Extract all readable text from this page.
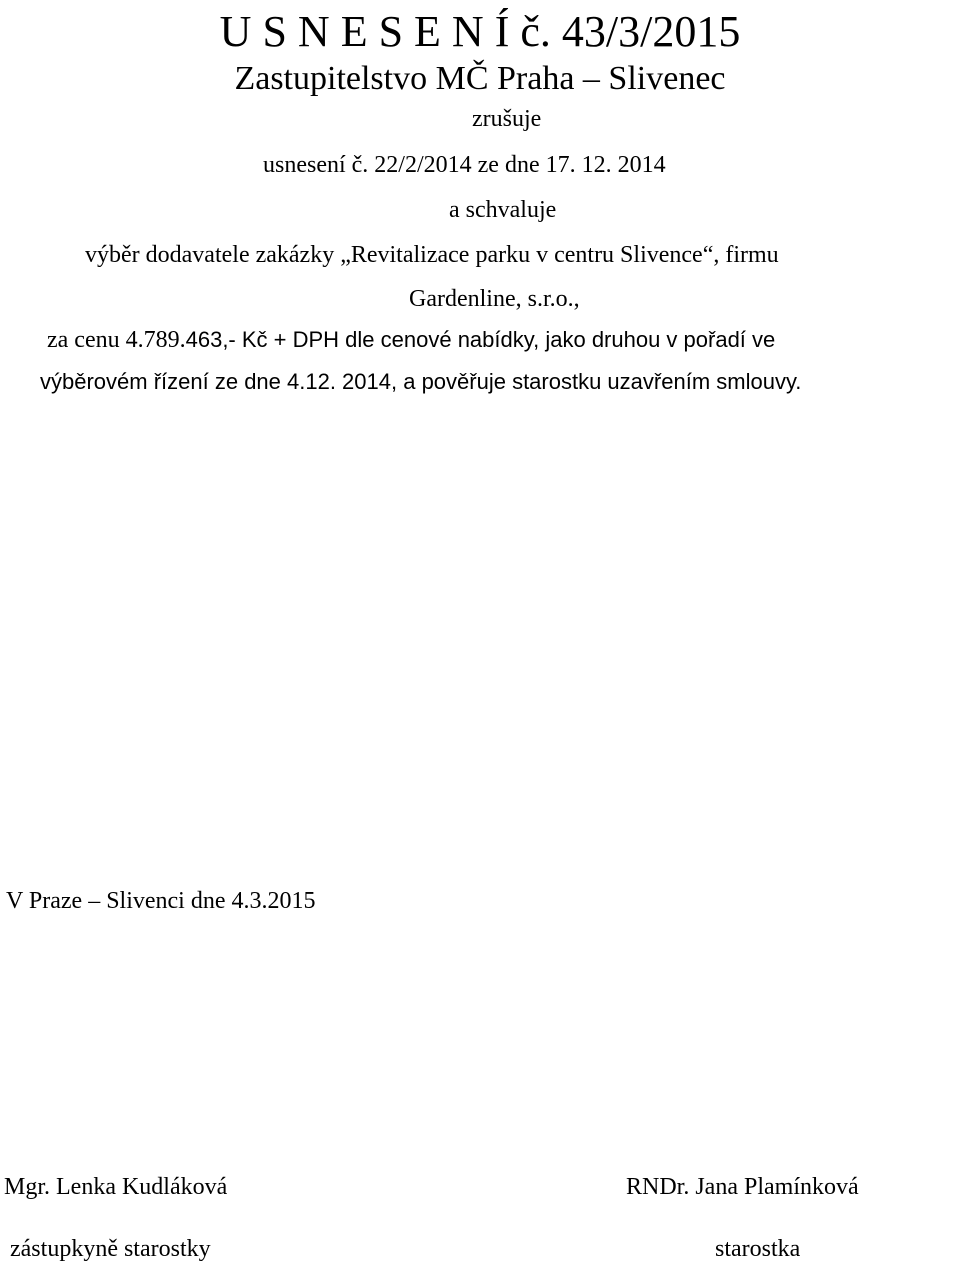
U S N E S E N Í č. 43/3/2015
Zastupitelstvo MČ Praha – Slivenec
zrušuje
usnesení č. 22/2/2014 ze dne 17. 12. 2014
a schvaluje
výběr dodavatele zakázky „Revitalizace parku v centru Slivence“, firmu
Gardenline, s.r.o.,
za cenu 4.789.463,- Kč + DPH dle cenové nabídky, jako druhou v pořadí ve
výběrovém řízení ze dne 4.12. 2014, a pověřuje starostku uzavřením smlouvy.
V Praze – Slivenci dne 4.3.2015
Mgr. Lenka Kudláková
zástupkyně starostky
RNDr. Jana Plamínková
starostka
